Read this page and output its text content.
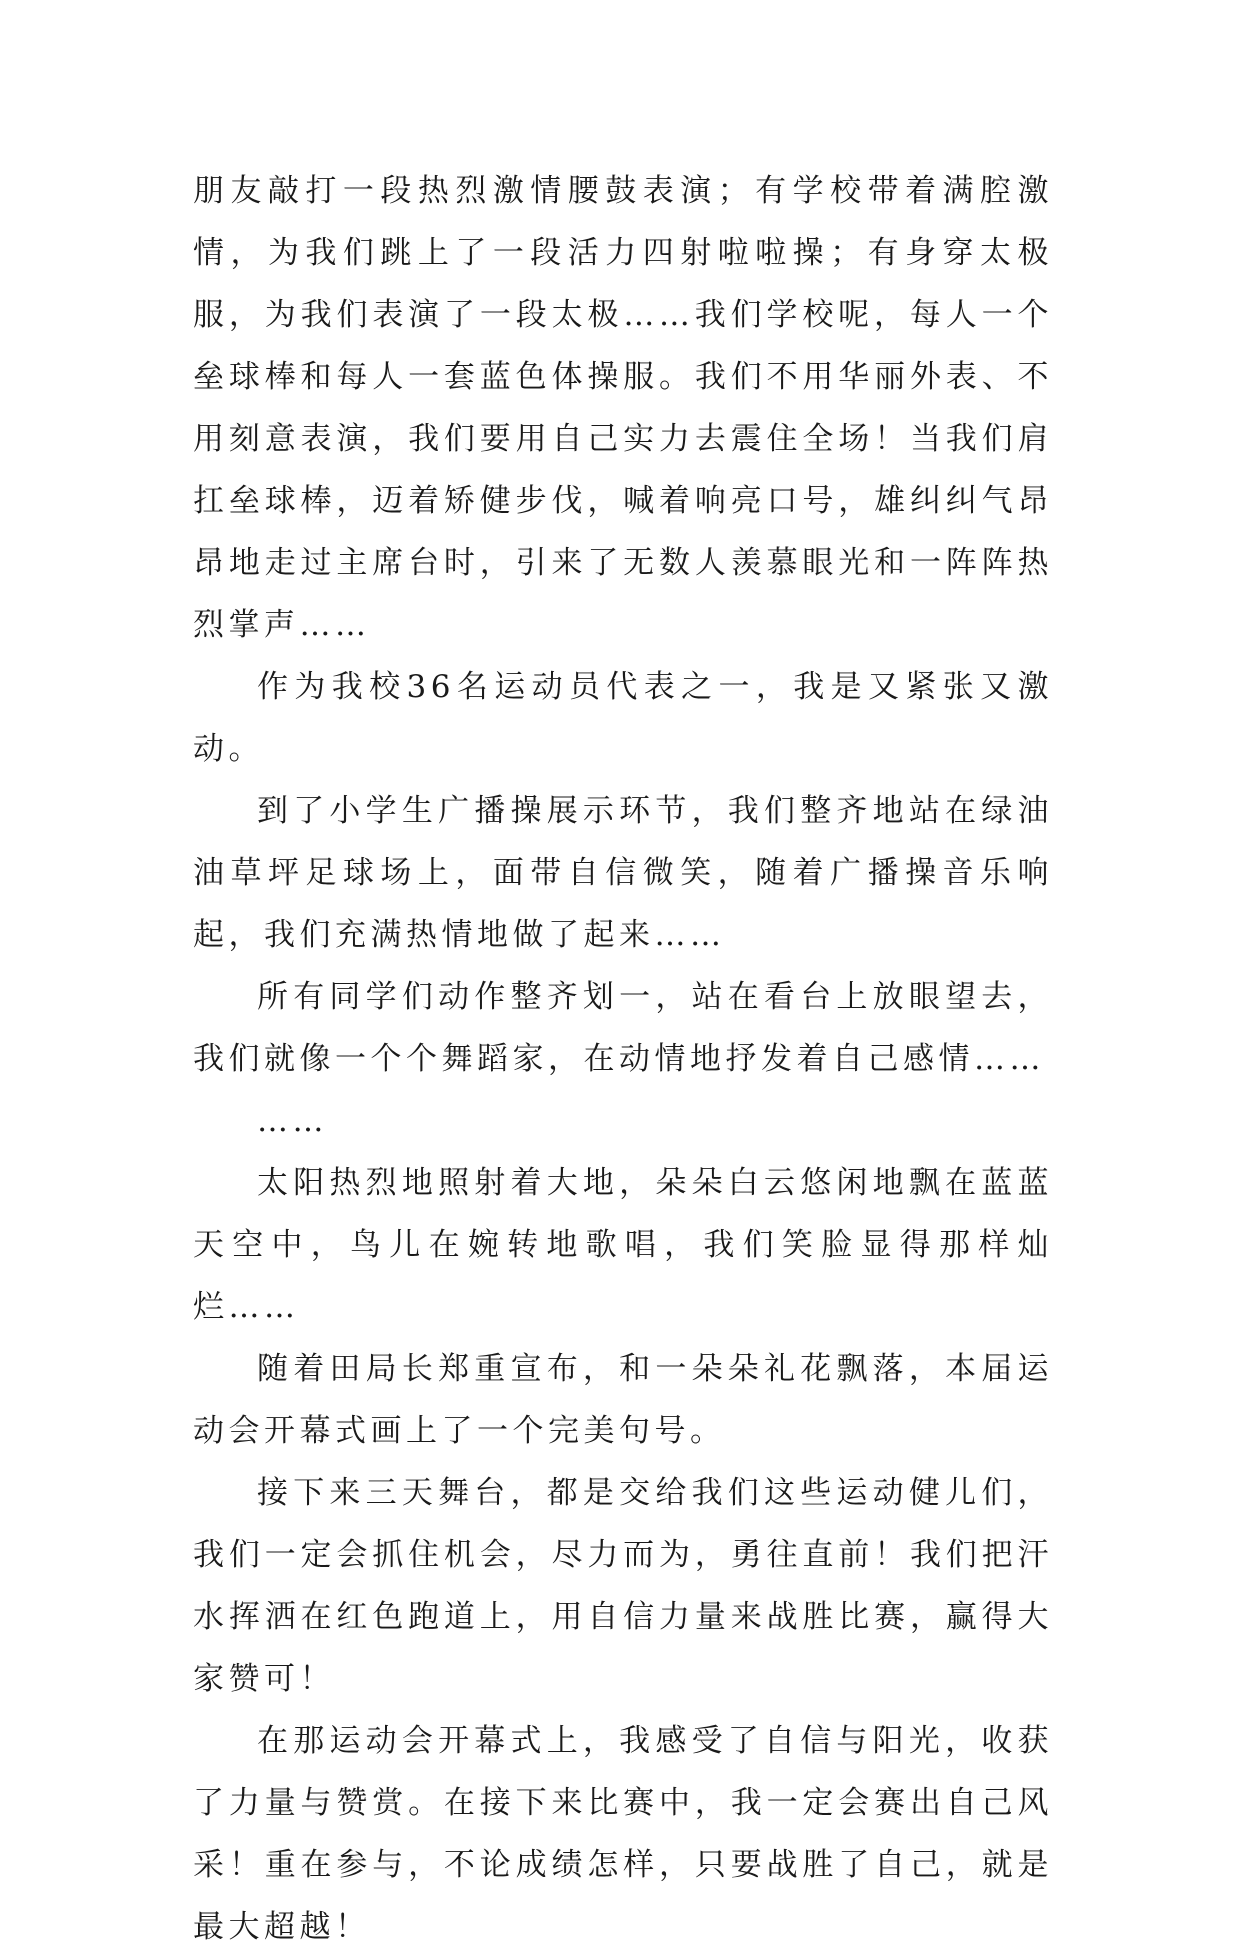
朋友敲打一段热烈激情腰鼓表演；有学校带着满腔激情，为我们跳上了一段活力四射啦啦操；有身穿太极服，为我们表演了一段太极……我们学校呢，每人一个垒球棒和每人一套蓝色体操服。我们不用华丽外表、不用刻意表演，我们要用自己实力去震住全场！当我们肩扛垒球棒，迈着矫健步伐，喊着响亮口号，雄纠纠气昂昂地走过主席台时，引来了无数人羡慕眼光和一阵阵热烈掌声……

作为我校36名运动员代表之一，我是又紧张又激动。

到了小学生广播操展示环节，我们整齐地站在绿油油草坪足球场上，面带自信微笑，随着广播操音乐响起，我们充满热情地做了起来……

所有同学们动作整齐划一，站在看台上放眼望去，我们就像一个个舞蹈家，在动情地抒发着自己感情……

……

太阳热烈地照射着大地，朵朵白云悠闲地飘在蓝蓝天空中，鸟儿在婉转地歌唱，我们笑脸显得那样灿烂……

随着田局长郑重宣布，和一朵朵礼花飘落，本届运动会开幕式画上了一个完美句号。

接下来三天舞台，都是交给我们这些运动健儿们，我们一定会抓住机会，尽力而为，勇往直前！我们把汗水挥洒在红色跑道上，用自信力量来战胜比赛，赢得大家赞可！

在那运动会开幕式上，我感受了自信与阳光，收获了力量与赞赏。在接下来比赛中，我一定会赛出自己风采！重在参与，不论成绩怎样，只要战胜了自己，就是最大超越！
